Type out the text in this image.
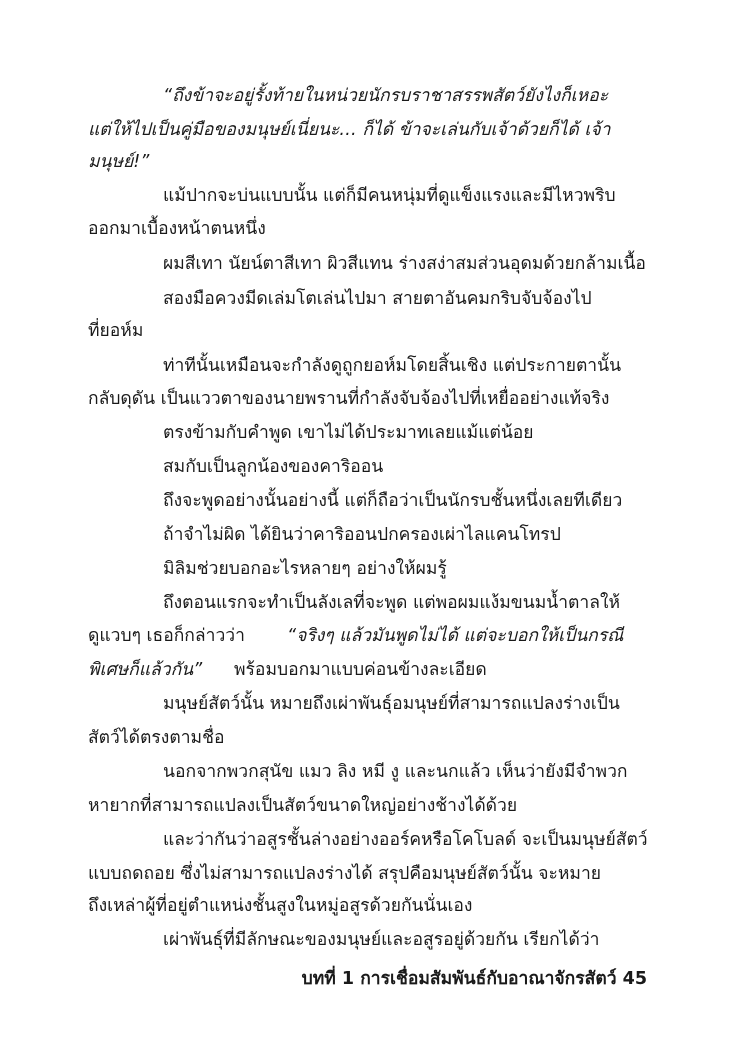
“ถึงข้าจะอยู่รั้งท้ายในหน่วยนักรบราชาสรรพสัตว์ยังไงก็เหอะ
แต่ให้ไปเป็นคู่มือของมนุษย์เนี่ยนะ… ก็ได้ ข้าจะเล่นกับเจ้าด้วยก็ได้ เจ้า
มนุษย์!”
แม้ปากจะบ่นแบบนั้น แต่ก็มีคนหนุ่มที่ดูแข็งแรงและมีไหวพริบ
ออกมาเบื้องหน้าตนหนึ่ง
ผมสีเทา นัยน์ตาสีเทา ผิวสีแทน ร่างสง่าสมส่วนอุดมด้วยกล้ามเนื้อ
สองมือควงมีดเล่มโตเล่นไปมา สายตาอันคมกริบจับจ้องไป
ที่ยอห์ม
ท่าทีนั้นเหมือนจะกำลังดูถูกยอห์มโดยสิ้นเชิง แต่ประกายตานั้น
กลับดุดัน เป็นแววตาของนายพรานที่กำลังจับจ้องไปที่เหยื่ออย่างแท้จริง
ตรงข้ามกับคำพูด เขาไม่ได้ประมาทเลยแม้แต่น้อย
สมกับเป็นลูกน้องของคาริออน
ถึงจะพูดอย่างนั้นอย่างนี้ แต่ก็ถือว่าเป็นนักรบชั้นหนึ่งเลยทีเดียว
ถ้าจำไม่ผิด ได้ยินว่าคาริออนปกครองเผ่าไลแคนโทรป
มิลิมช่วยบอกอะไรหลายๆ อย่างให้ผมรู้
ถึงตอนแรกจะทำเป็นลังเลที่จะพูด แต่พอผมแง้มขนมน้ำตาลให้
ดูแวบๆ เธอก็กล่าวว่า “จริงๆ แล้วมันพูดไม่ได้ แต่จะบอกให้เป็นกรณี
พิเศษก็แล้วกัน” พร้อมบอกมาแบบค่อนข้างละเอียด
มนุษย์สัตว์นั้น หมายถึงเผ่าพันธุ์อมนุษย์ที่สามารถแปลงร่างเป็น
สัตว์ได้ตรงตามชื่อ
นอกจากพวกสุนัข แมว ลิง หมี งู และนกแล้ว เห็นว่ายังมีจำพวก
หายากที่สามารถแปลงเป็นสัตว์ขนาดใหญ่อย่างช้างได้ด้วย
และว่ากันว่าอสูรชั้นล่างอย่างออร์คหรือโคโบลด์ จะเป็นมนุษย์สัตว์
แบบถดถอย ซึ่งไม่สามารถแปลงร่างได้ สรุปคือมนุษย์สัตว์นั้น จะหมาย
ถึงเหล่าผู้ที่อยู่ตำแหน่งชั้นสูงในหมู่อสูรด้วยกันนั่นเอง
เผ่าพันธุ์ที่มีลักษณะของมนุษย์และอสูรอยู่ด้วยกัน เรียกได้ว่า
บทที่ 1 การเชื่อมสัมพันธ์กับอาณาจักรสัตว์ 45
